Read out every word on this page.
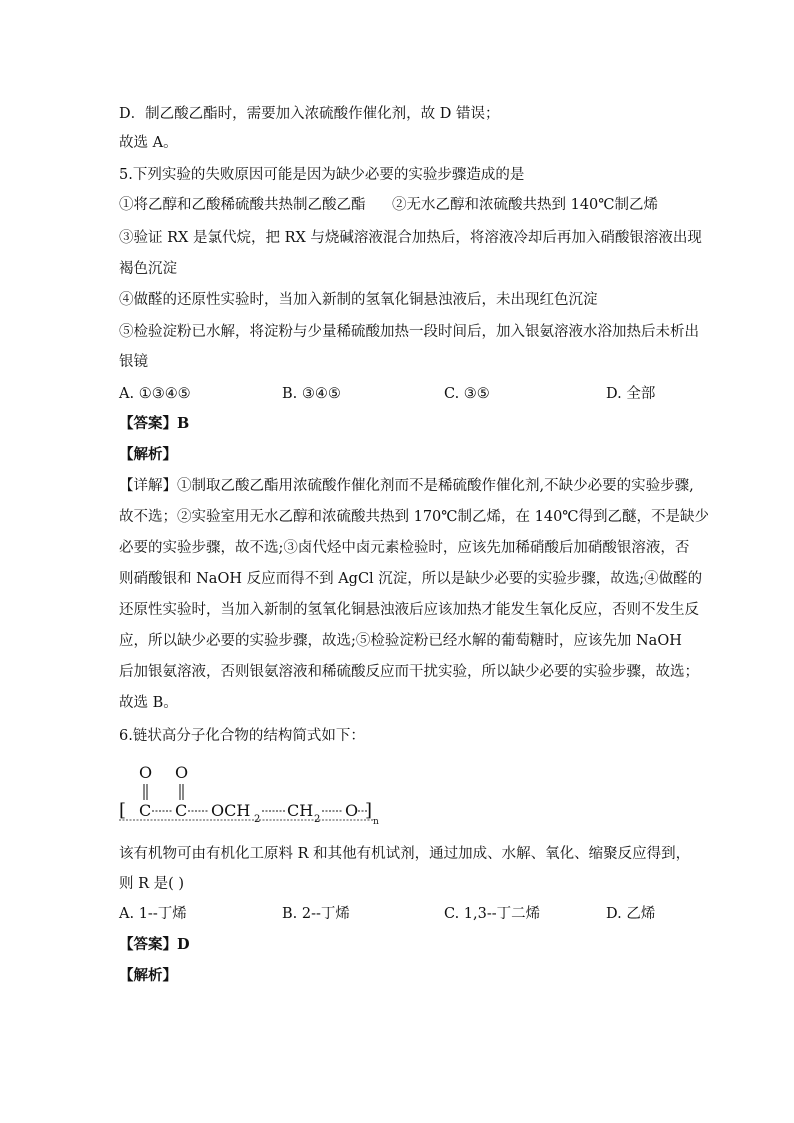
D．制乙酸乙酯时，需要加入浓硫酸作催化剂，故 D 错误；
故选 A。
5.下列实验的失败原因可能是因为缺少必要的实验步骤造成的是
①将乙醇和乙酸稀硫酸共热制乙酸乙酯 ②无水乙醇和浓硫酸共热到 140℃制乙烯
③验证 RX 是氯代烷，把 RX 与烧碱溶液混合加热后，将溶液冷却后再加入硝酸银溶液出现
褐色沉淀
④做醛的还原性实验时，当加入新制的氢氧化铜悬浊液后，未出现红色沉淀
⑤检验淀粉已水解，将淀粉与少量稀硫酸加热一段时间后，加入银氨溶液水浴加热后未析出
银镜
A. ①③④⑤	B. ③④⑤	C. ③⑤	D. 全部
【答案】B
【解析】
【详解】①制取乙酸乙酯用浓硫酸作催化剂而不是稀硫酸作催化剂,不缺少必要的实验步骤,
故不选；②实验室用无水乙醇和浓硫酸共热到 170℃制乙烯，在 140℃得到乙醚，不是缺少
必要的实验步骤，故不选;③卤代烃中卤元素检验时，应该先加稀硝酸后加硝酸银溶液，否
则硝酸银和 NaOH 反应而得不到 AgCl 沉淀，所以是缺少必要的实验步骤，故选;④做醛的
还原性实验时，当加入新制的氢氧化铜悬浊液后应该加热才能发生氧化反应，否则不发生反
应，所以缺少必要的实验步骤，故选;⑤检验淀粉已经水解的葡萄糖时，应该先加 NaOH
后加银氨溶液，否则银氨溶液和稀硫酸反应而干扰实验，所以缺少必要的实验步骤，故选；
故选 B。
6.链状高分子化合物的结构简式如下：
O O
[ C C OCH 2 CH 2 O ]
n
该有机物可由有机化工原料 R 和其他有机试剂，通过加成、水解、氧化、缩聚反应得到，
则 R 是( )
A. 1--丁烯	B. 2--丁烯	C. 1,3--丁二烯	D. 乙烯
【答案】D
【解析】
